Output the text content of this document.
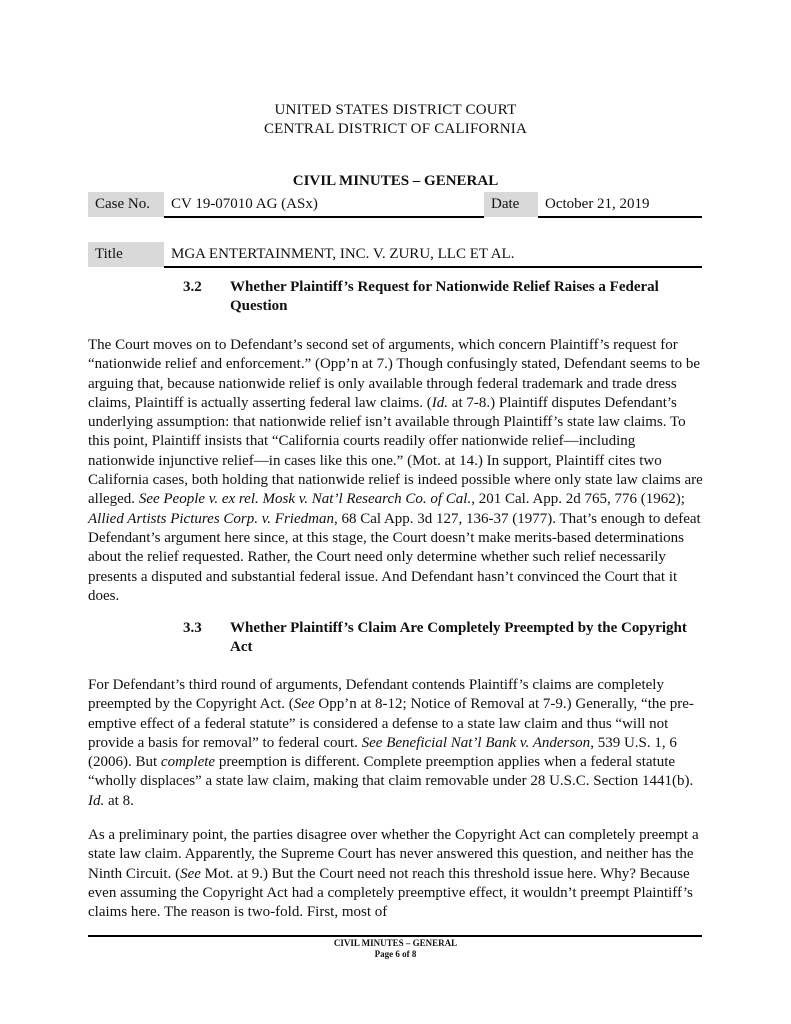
UNITED STATES DISTRICT COURT
CENTRAL DISTRICT OF CALIFORNIA
CIVIL MINUTES – GENERAL
Case No.	CV 19-07010 AG (ASx)	Date	October 21, 2019

Title	MGA ENTERTAINMENT, INC. V. ZURU, LLC ET AL.		
3.2 Whether Plaintiff’s Request for Nationwide Relief Raises a Federal Question

The Court moves on to Defendant’s second set of arguments, which concern Plaintiff’s request for “nationwide relief and enforcement.” (Opp’n at 7.) Though confusingly stated, Defendant seems to be arguing that, because nationwide relief is only available through federal trademark and trade dress claims, Plaintiff is actually asserting federal law claims. (Id. at 7-8.) Plaintiff disputes Defendant’s underlying assumption: that nationwide relief isn’t available through Plaintiff’s state law claims. To this point, Plaintiff insists that “California courts readily offer nationwide relief—including nationwide injunctive relief—in cases like this one.” (Mot. at 14.) In support, Plaintiff cites two California cases, both holding that nationwide relief is indeed possible where only state law claims are alleged. See People v. ex rel. Mosk v. Nat’l Research Co. of Cal., 201 Cal. App. 2d 765, 776 (1962); Allied Artists Pictures Corp. v. Friedman, 68 Cal App. 3d 127, 136-37 (1977). That’s enough to defeat Defendant’s argument here since, at this stage, the Court doesn’t make merits-based determinations about the relief requested. Rather, the Court need only determine whether such relief necessarily presents a disputed and substantial federal issue. And Defendant hasn’t convinced the Court that it does.

3.3 Whether Plaintiff’s Claim Are Completely Preempted by the Copyright Act

For Defendant’s third round of arguments, Defendant contends Plaintiff’s claims are completely preempted by the Copyright Act. (See Opp’n at 8-12; Notice of Removal at 7-9.) Generally, “the pre-emptive effect of a federal statute” is considered a defense to a state law claim and thus “will not provide a basis for removal” to federal court. See Beneficial Nat’l Bank v. Anderson, 539 U.S. 1, 6 (2006). But complete preemption is different. Complete preemption applies when a federal statute “wholly displaces” a state law claim, making that claim removable under 28 U.S.C. Section 1441(b). Id. at 8.

As a preliminary point, the parties disagree over whether the Copyright Act can completely preempt a state law claim. Apparently, the Supreme Court has never answered this question, and neither has the Ninth Circuit. (See Mot. at 9.) But the Court need not reach this threshold issue here. Why? Because even assuming the Copyright Act had a completely preemptive effect, it wouldn’t preempt Plaintiff’s claims here. The reason is two-fold. First, most of

CIVIL MINUTES – GENERAL
Page 6 of 8
